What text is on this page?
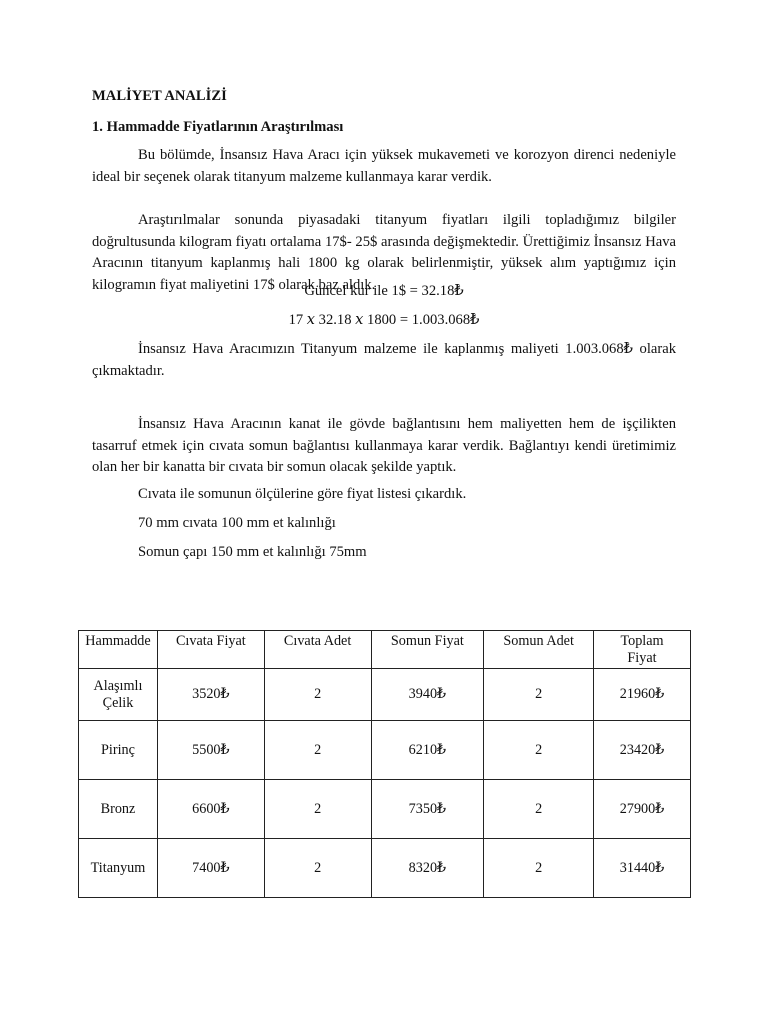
MALİYET ANALİZİ

1. Hammadde Fiyatlarının Araştırılması

Bu bölümde, İnsansız Hava Aracı için yüksek mukavemeti ve korozyon direnci nedeniyle ideal bir seçenek olarak titanyum malzeme kullanmaya karar verdik.

Araştırılmalar sonunda piyasadaki titanyum fiyatları ilgili topladığımız bilgiler doğrultusunda kilogram fiyatı ortalama 17$- 25$ arasında değişmektedir. Ürettiğimiz İnsansız Hava Aracının titanyum kaplanmış hali 1800 kg olarak belirlenmiştir, yüksek alım yaptığımız için kilogramın fiyat maliyetini 17$ olarak baz aldık.

Güncel kur ile 1$ = 32.18₺

17 𝑥 32.18 𝑥 1800 = 1.003.068₺

İnsansız Hava Aracımızın Titanyum malzeme ile kaplanmış maliyeti 1.003.068₺ olarak çıkmaktadır.

İnsansız Hava Aracının kanat ile gövde bağlantısını hem maliyetten hem de işçilikten tasarruf etmek için cıvata somun bağlantısı kullanmaya karar verdik. Bağlantıyı kendi üretimimiz olan her bir kanatta bir cıvata bir somun olacak şekilde yaptık.

Cıvata ile somunun ölçülerine göre fiyat listesi çıkardık.

70 mm cıvata 100 mm et kalınlığı

Somun çapı 150 mm et kalınlığı 75mm

Hammadde	Cıvata Fiyat	Cıvata Adet	Somun Fiyat	Somun Adet	Toplam Fiyat
Alaşımlı Çelik	3520₺	2	3940₺	2	21960₺
Pirinç	5500₺	2	6210₺	2	23420₺
Bronz	6600₺	2	7350₺	2	27900₺
Titanyum	7400₺	2	8320₺	2	31440₺
